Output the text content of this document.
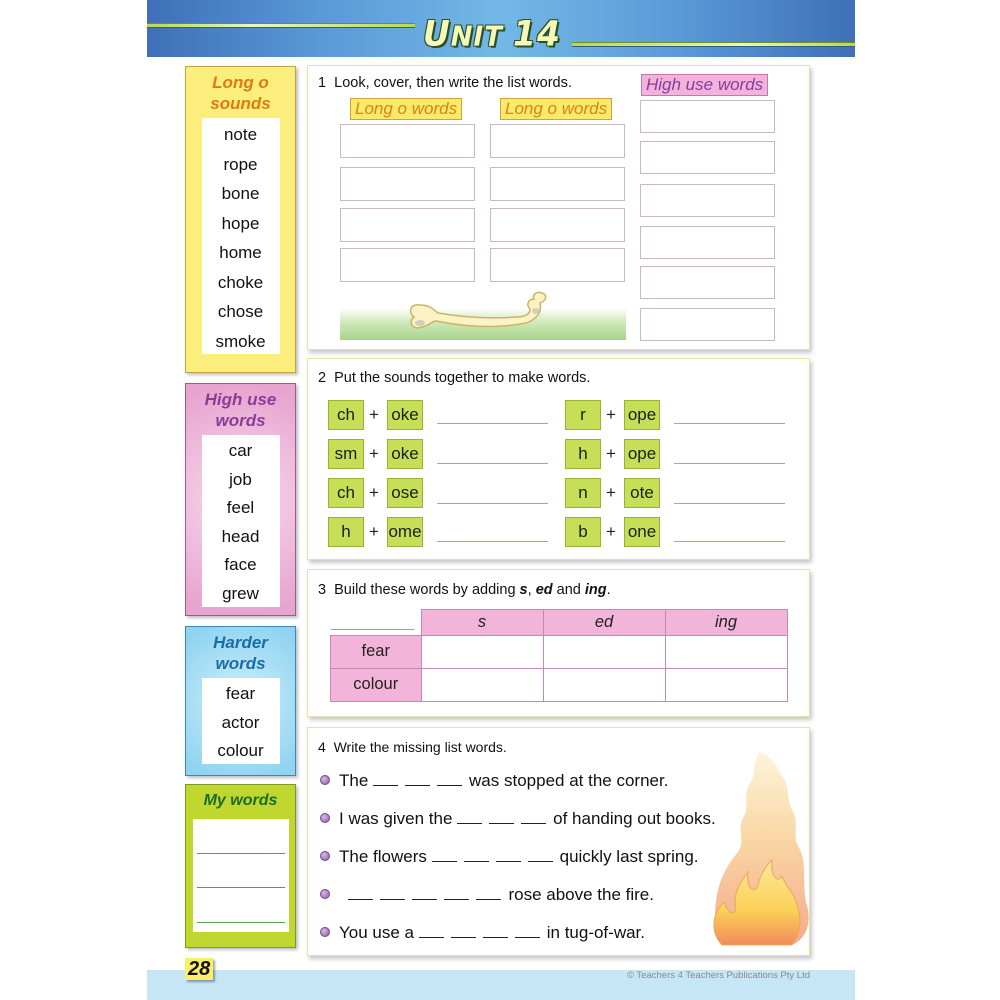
UNIT 14
Long o
sounds
note
rope
bone
hope
home
choke
chose
smoke
High use
words
car
job
feel
head
face
grew
Harder
words
fear
actor
colour
My words
1 Look, cover, then write the list words.	High use words
Long o words	Long o words
2 Put the sounds together to make words.
ch + oke	r	+ ope
sm + oke	h	+ ope
ch + ose	n	+ ote
h	+ ome	b	+ one
3 Build these words by adding s, ed and ing.
s	ed	ing
fear			
colour			
4 Write the missing list words.
The	was stopped at the corner.
I was given the	of handing out books.
The flowers	quickly last spring.
rose above the fire.
You use a	in tug-of-war.
28	© Teachers 4 Teachers Publications Pty Ltd
